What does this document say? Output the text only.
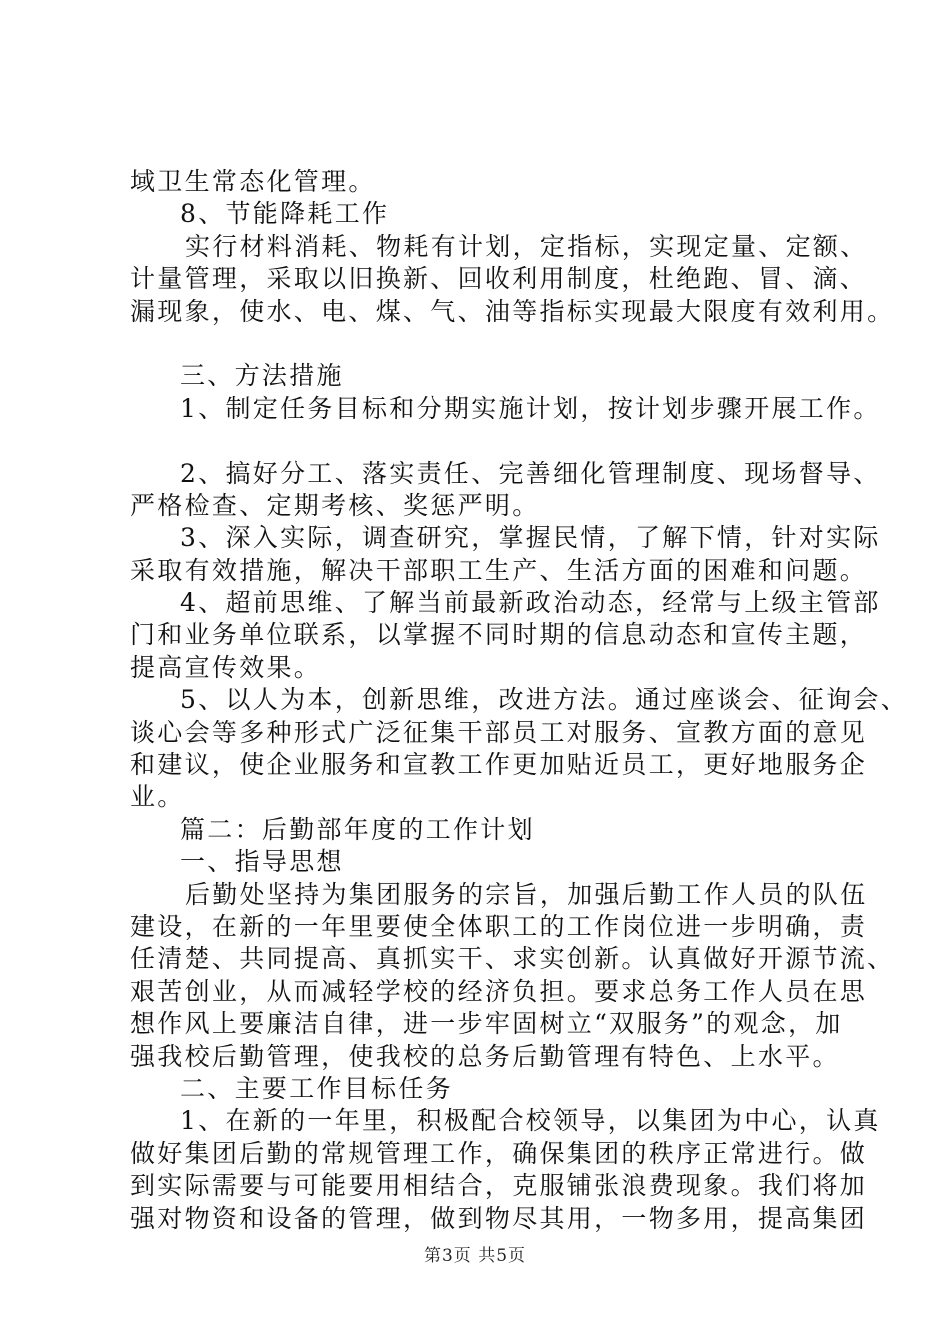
域卫生常态化管理。
8、节能降耗工作
实行材料消耗、物耗有计划，定指标，实现定量、定额、
计量管理，采取以旧换新、回收利用制度，杜绝跑、冒、滴、
漏现象，使水、电、煤、气、油等指标实现最大限度有效利用。
三、方法措施
1、制定任务目标和分期实施计划，按计划步骤开展工作。
2、搞好分工、落实责任、完善细化管理制度、现场督导、
严格检查、定期考核、奖惩严明。
3、深入实际，调查研究，掌握民情，了解下情，针对实际
采取有效措施，解决干部职工生产、生活方面的困难和问题。
4、超前思维、了解当前最新政治动态，经常与上级主管部
门和业务单位联系，以掌握不同时期的信息动态和宣传主题，
提高宣传效果。
5、以人为本，创新思维，改进方法。通过座谈会、征询会、
谈心会等多种形式广泛征集干部员工对服务、宣教方面的意见
和建议，使企业服务和宣教工作更加贴近员工，更好地服务企
业。
篇二：后勤部年度的工作计划
一、指导思想
后勤处坚持为集团服务的宗旨，加强后勤工作人员的队伍
建设，在新的一年里要使全体职工的工作岗位进一步明确，责
任清楚、共同提高、真抓实干、求实创新。认真做好开源节流、
艰苦创业，从而减轻学校的经济负担。要求总务工作人员在思
想作风上要廉洁自律，进一步牢固树立“双服务”的观念，加
强我校后勤管理，使我校的总务后勤管理有特色、上水平。
二、主要工作目标任务
1、在新的一年里，积极配合校领导，以集团为中心，认真
做好集团后勤的常规管理工作，确保集团的秩序正常进行。做
到实际需要与可能要用相结合，克服铺张浪费现象。我们将加
强对物资和设备的管理，做到物尽其用，一物多用，提高集团
第3页 共5页
